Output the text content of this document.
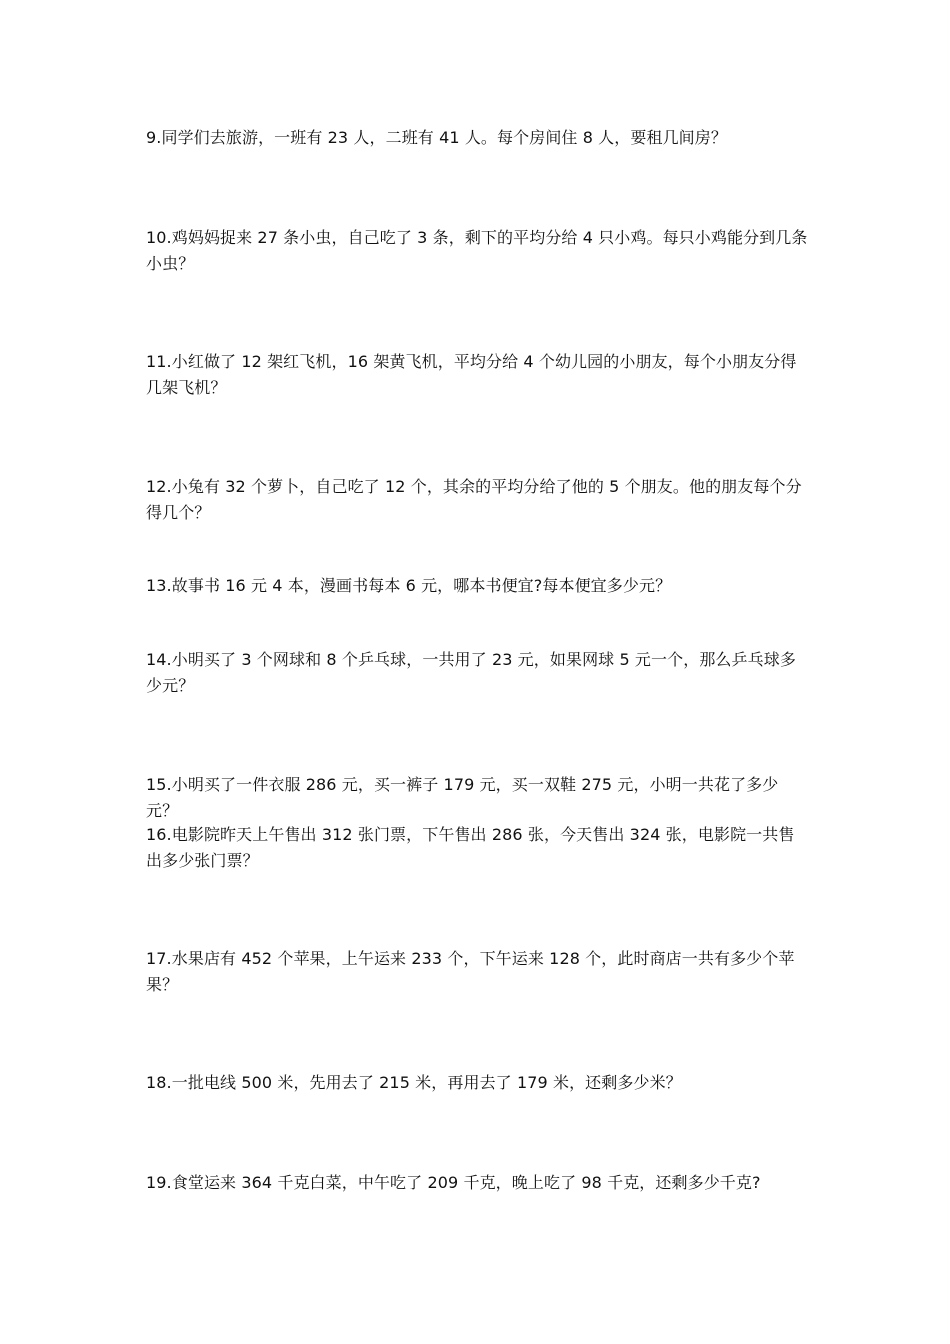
9.同学们去旅游，一班有 23 人，二班有 41 人。每个房间住 8 人，要租几间房？

10.鸡妈妈捉来 27 条小虫，自己吃了 3 条，剩下的平均分给 4 只小鸡。每只小鸡能分到几条小虫？

11.小红做了 12 架红飞机，16 架黄飞机，平均分给 4 个幼儿园的小朋友，每个小朋友分得几架飞机？

12.小兔有 32 个萝卜，自己吃了 12 个，其余的平均分给了他的 5 个朋友。他的朋友每个分得几个？

13.故事书 16 元 4 本，漫画书每本 6 元，哪本书便宜?每本便宜多少元？

14.小明买了 3 个网球和 8 个乒乓球，一共用了 23 元，如果网球 5 元一个，那么乒乓球多少元？

15.小明买了一件衣服 286 元，买一裤子 179 元，买一双鞋 275 元，小明一共花了多少元？

16.电影院昨天上午售出 312 张门票，下午售出 286 张，今天售出 324 张，电影院一共售出多少张门票？

17.水果店有 452 个苹果，上午运来 233 个，下午运来 128 个，此时商店一共有多少个苹果？

18.一批电线 500 米，先用去了 215 米，再用去了 179 米，还剩多少米？

19.食堂运来 364 千克白菜，中午吃了 209 千克，晚上吃了 98 千克，还剩多少千克?
